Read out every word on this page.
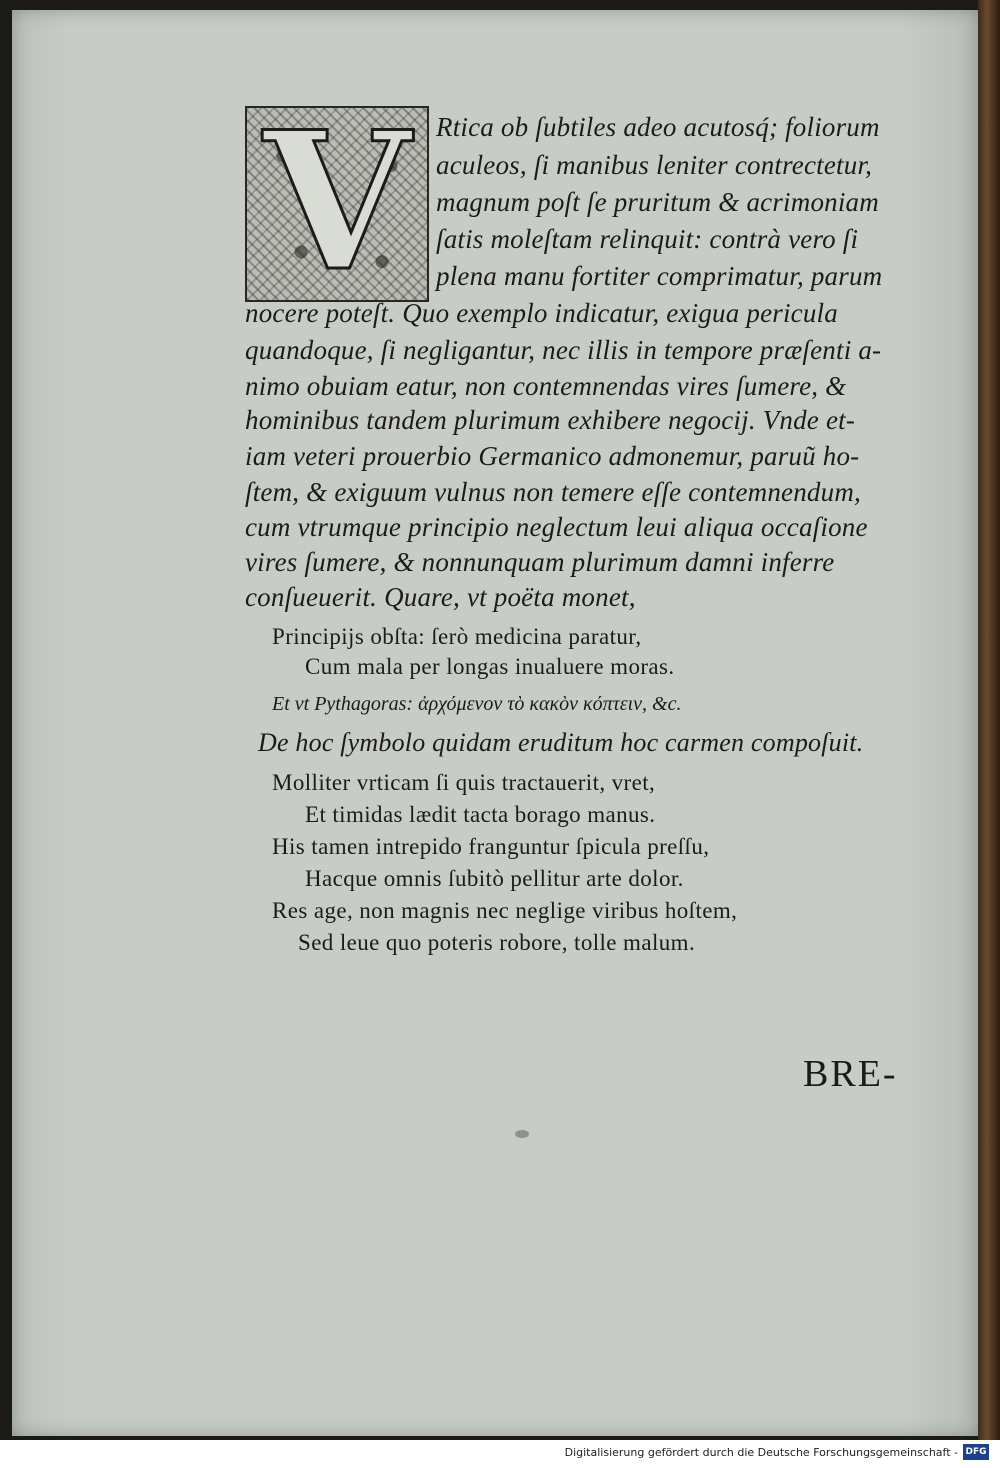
V Rtica ob ſubtiles adeo acutosq́; foliorum
aculeos, ſi manibus leniter contrectetur,
magnum poſt ſe pruritum & acrimoniam
ſatis moleſtam relinquit: contrà vero ſi
plena manu fortiter comprimatur, parum
nocere poteſt. Quo exemplo indicatur, exigua pericula
quandoque, ſi negligantur, nec illis in tempore præſenti a-
nimo obuiam eatur, non contemnendas vires ſumere, &
hominibus tandem plurimum exhibere negocij. Vnde et-
iam veteri prouerbio Germanico admonemur, paruũ ho-
ſtem, & exiguum vulnus non temere eſſe contemnendum,
cum vtrumque principio neglectum leui aliqua occaſione
vires ſumere, & nonnunquam plurimum damni inferre
conſueuerit. Quare, vt poëta monet,
Principijs obſta: ſerò medicina paratur,
Cum mala per longas inualuere moras.
Et vt Pythagoras: ἀρχόμενον τὸ κακὸν κόπτειν, &c.
De hoc ſymbolo quidam eruditum hoc carmen compoſuit.
Molliter vrticam ſi quis tractauerit, vret,
Et timidas lædit tacta borago manus.
His tamen intrepido franguntur ſpicula preſſu,
Hacque omnis ſubitò pellitur arte dolor.
Res age, non magnis nec neglige viribus hoſtem,
Sed leue quo poteris robore, tolle malum.
BRE-
Digitalisierung gefördert durch die Deutsche Forschungsgemeinschaft - DFG
